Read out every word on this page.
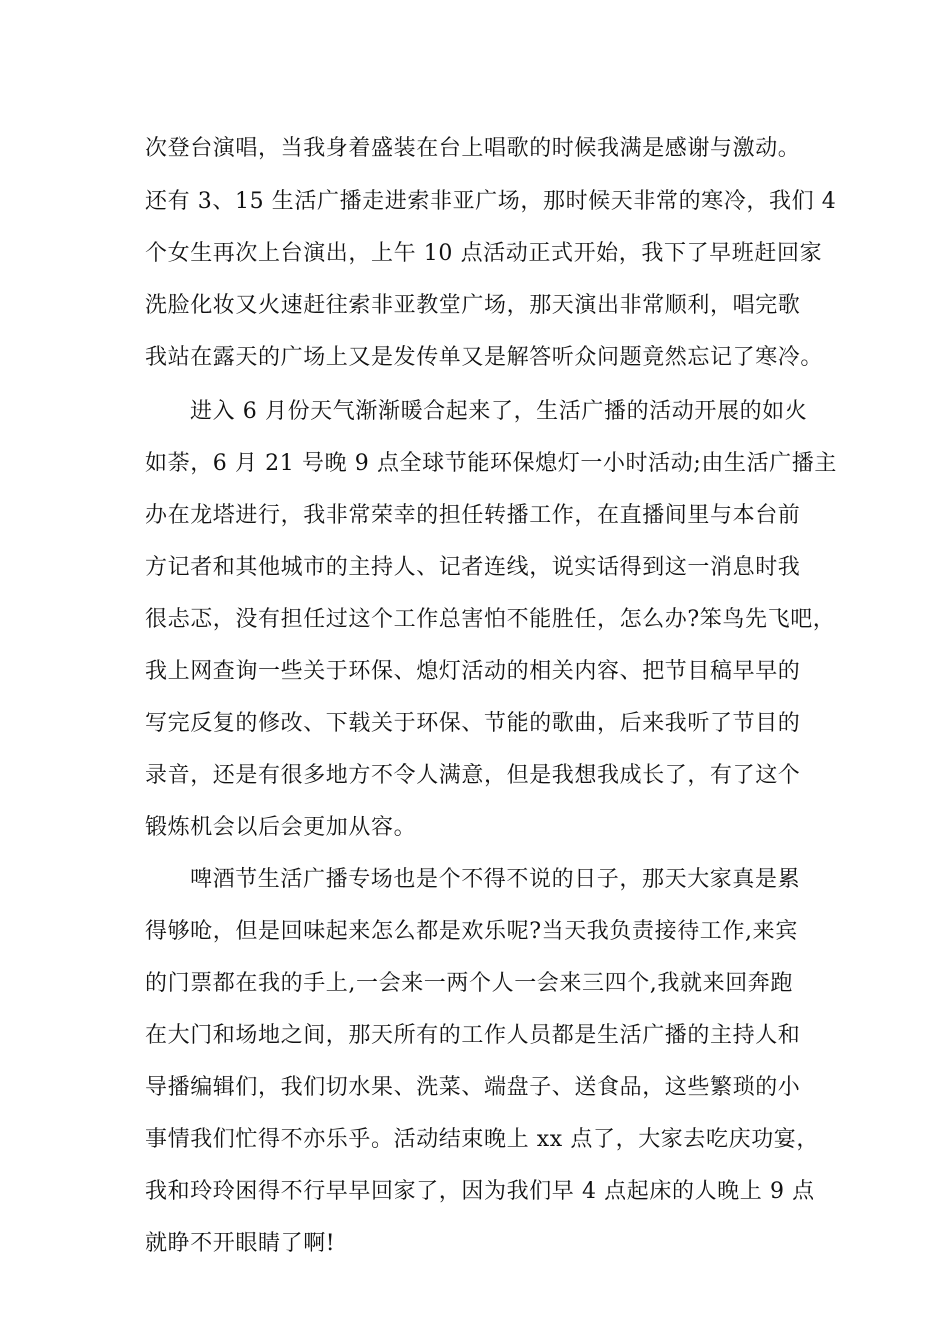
次登台演唱，当我身着盛装在台上唱歌的时候我满是感谢与激动。

还有 3、15 生活广播走进索非亚广场，那时候天非常的寒冷，我们 4

个女生再次上台演出，上午 10 点活动正式开始，我下了早班赶回家

洗脸化妆又火速赶往索非亚教堂广场，那天演出非常顺利，唱完歌

我站在露天的广场上又是发传单又是解答听众问题竟然忘记了寒冷。

进入 6 月份天气渐渐暖合起来了，生活广播的活动开展的如火

如荼，6 月 21 号晚 9 点全球节能环保熄灯一小时活动;由生活广播主

办在龙塔进行，我非常荣幸的担任转播工作，在直播间里与本台前

方记者和其他城市的主持人、记者连线，说实话得到这一消息时我

很忐忑，没有担任过这个工作总害怕不能胜任，怎么办?笨鸟先飞吧，

我上网查询一些关于环保、熄灯活动的相关内容、把节目稿早早的

写完反复的修改、下载关于环保、节能的歌曲，后来我听了节目的

录音，还是有很多地方不令人满意，但是我想我成长了，有了这个

锻炼机会以后会更加从容。

啤酒节生活广播专场也是个不得不说的日子，那天大家真是累

得够呛，但是回味起来怎么都是欢乐呢?当天我负责接待工作,来宾

的门票都在我的手上,一会来一两个人一会来三四个,我就来回奔跑

在大门和场地之间，那天所有的工作人员都是生活广播的主持人和

导播编辑们，我们切水果、洗菜、端盘子、送食品，这些繁琐的小

事情我们忙得不亦乐乎。活动结束晚上 xx 点了，大家去吃庆功宴，

我和玲玲困得不行早早回家了，因为我们早 4 点起床的人晚上 9 点

就睁不开眼睛了啊!
